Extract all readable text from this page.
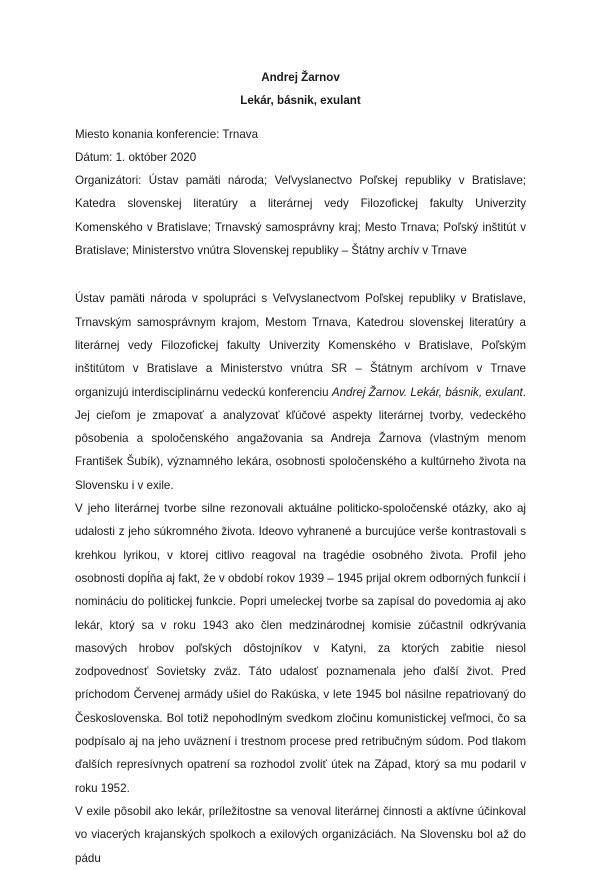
Andrej Žarnov
Lekár, básnik, exulant

Miesto konania konferencie: Trnava

Dátum: 1. október 2020

Organizátori: Ústav pamäti národa; Veľvyslanectvo Poľskej republiky v Bratislave; Katedra slovenskej literatúry a literárnej vedy Filozofickej fakulty Univerzity Komenského v Bratislave; Trnavský samosprávny kraj; Mesto Trnava; Poľský inštitút v Bratislave; Ministerstvo vnútra Slovenskej republiky – Štátny archív v Trnave

Ústav pamäti národa v spolupráci s Veľvyslanectvom Poľskej republiky v Bratislave, Trnavským samosprávnym krajom, Mestom Trnava, Katedrou slovenskej literatúry a literárnej vedy Filozofickej fakulty Univerzity Komenského v Bratislave, Poľským inštitútom v Bratislave a Ministerstvo vnútra SR – Štátnym archívom v Trnave organizujú interdisciplinárnu vedeckú konferenciu Andrej Žarnov. Lekár, básnik, exulant. Jej cieľom je zmapovať a analyzovať kľúčové aspekty literárnej tvorby, vedeckého pôsobenia a spoločenského angažovania sa Andreja Žarnova (vlastným menom František Šubík), významného lekára, osobnosti spoločenského a kultúrneho života na Slovensku i v exile.

V jeho literárnej tvorbe silne rezonovali aktuálne politicko-spoločenské otázky, ako aj udalosti z jeho súkromného života. Ideovo vyhranené a burcujúce verše kontrastovali s krehkou lyrikou, v ktorej citlivo reagoval na tragédie osobného života. Profil jeho osobnosti dopĺňa aj fakt, že v období rokov 1939 – 1945 prijal okrem odborných funkcií i nomináciu do politickej funkcie. Popri umeleckej tvorbe sa zapísal do povedomia aj ako lekár, ktorý sa v roku 1943 ako člen medzinárodnej komisie zúčastnil odkrývania masových hrobov poľských dôstojníkov v Katyni, za ktorých zabitie niesol zodpovednosť Sovietsky zväz. Táto udalosť poznamenala jeho ďalší život. Pred príchodom Červenej armády ušiel do Rakúska, v lete 1945 bol násilne repatriovaný do Československa. Bol totiž nepohodlným svedkom zločinu komunistickej veľmoci, čo sa podpísalo aj na jeho uväznení i trestnom procese pred retribučným súdom. Pod tlakom ďalších represívnych opatrení sa rozhodol zvoliť útek na Západ, ktorý sa mu podaril v roku 1952.

V exile pôsobil ako lekár, príležitostne sa venoval literárnej činnosti a aktívne účinkoval vo viacerých krajanských spolkoch a exilových organizáciách. Na Slovensku bol až do pádu
